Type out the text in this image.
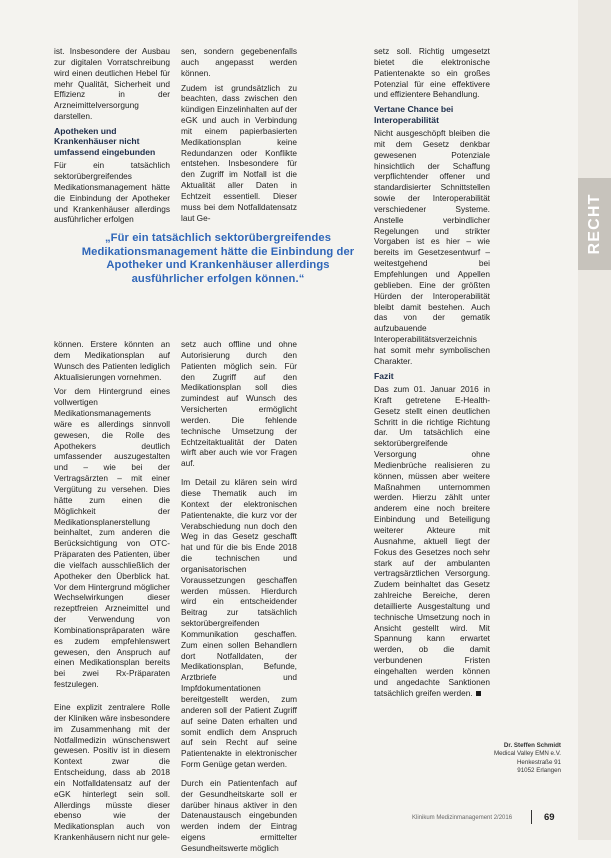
RECHT

ist. Insbesondere der Ausbau zur digitalen Vorratschreibung wird einen deutlichen Hebel für mehr Qualität, Sicherheit und Effizienz in der Arzneimittelversorgung darstellen.

Apotheken und Krankenhäuser nicht umfassend eingebunden

Für ein tatsächlich sektorübergreifendes Medikationsmanagement hätte die Einbindung der Apotheker und Krankenhäuser allerdings ausführlicher erfolgen

sen, sondern gegebenenfalls auch angepasst werden können.

Zudem ist grundsätzlich zu beachten, dass zwischen den kündigen Einzelinhalten auf der eGK und auch in Verbindung mit einem papierbasierten Medikationsplan keine Redundanzen oder Konflikte entstehen. Insbesondere für den Zugriff im Notfall ist die Aktualität aller Daten in Echtzeit essentiell. Dieser muss bei dem Notfalldatensatz laut Ge-

setz soll. Richtig umgesetzt bietet die elektronische Patientenakte so ein großes Potenzial für eine effektivere und effizientere Behandlung.

Vertane Chance bei Interoperabilität

Nicht ausgeschöpft bleiben die mit dem Gesetz denkbar gewesenen Potenziale hinsichtlich der Schaffung verpflichtender offener und standardisierter Schnittstellen sowie der Interoperabilität verschiedener Systeme. Anstelle verbindlicher Regelungen und strikter Vorgaben ist es hier – wie bereits im Gesetzesentwurf – weitestgehend bei Empfehlungen und Appellen geblieben. Eine der größten Hürden der Interoperabilität bleibt damit bestehen. Auch das von der gematik aufzubauende Interoperabilitätsverzeichnis hat somit mehr symbolischen Charakter.

Fazit

Das zum 01. Januar 2016 in Kraft getretene E-Health-Gesetz stellt einen deutlichen Schritt in die richtige Richtung dar. Um tatsächlich eine sektorübergreifende Versorgung ohne Medienbrüche realisieren zu können, müssen aber weitere Maßnahmen unternommen werden. Hierzu zählt unter anderem eine noch breitere Einbindung und Beteiligung weiterer Akteure mit Ausnahme, aktuell liegt der Fokus des Gesetzes noch sehr stark auf der ambulanten vertragsärztlichen Versorgung. Zudem beinhaltet das Gesetz zahlreiche Bereiche, deren detaillierte Ausgestaltung und technische Umsetzung noch in Ansicht gestellt wird. Mit Spannung kann erwartet werden, ob die damit verbundenen Fristen eingehalten werden können und angedachte Sanktionen tatsächlich greifen werden.

„Für ein tatsächlich sektorübergreifendes Medikationsmanagement hätte die Einbindung der Apotheker und Krankenhäuser allerdings ausführlicher erfolgen können.“

können. Erstere könnten an dem Medikationsplan auf Wunsch des Patienten lediglich Aktualisierungen vornehmen.

Vor dem Hintergrund eines vollwertigen Medikationsmanagements wäre es allerdings sinnvoll gewesen, die Rolle des Apothekers deutlich umfassender auszugestalten und – wie bei der Vertragsärzten – mit einer Vergütung zu versehen. Dies hätte zum einen die Möglichkeit der Medikationsplanerstellung beinhaltet, zum anderen die Berücksichtigung von OTC-Präparaten des Patienten, über die vielfach ausschließlich der Apotheker den Überblick hat. Vor dem Hintergrund möglicher Wechselwirkungen dieser rezeptfreien Arzneimittel und der Verwendung von Kombinationspräparaten wäre es zudem empfehlenswert gewesen, den Anspruch auf einen Medikationsplan bereits bei zwei Rx-Präparaten festzulegen.

Eine explizit zentralere Rolle der Kliniken wäre insbesondere im Zusammenhang mit der Notfallmedizin wünschenswert gewesen. Positiv ist in diesem Kontext zwar die Entscheidung, dass ab 2018 ein Notfalldatensatz auf der eGK hinterlegt sein soll. Allerdings müsste dieser ebenso wie der Medikationsplan auch von Krankenhäusern nicht nur gele-

setz auch offline und ohne Autorisierung durch den Patienten möglich sein. Für den Zugriff auf den Medikationsplan soll dies zumindest auf Wunsch des Versicherten ermöglicht werden. Die fehlende technische Umsetzung der Echtzeitaktualität der Daten wirft aber auch wie vor Fragen auf.

Im Detail zu klären sein wird diese Thematik auch im Kontext der elektronischen Patientenakte, die kurz vor der Verabschiedung nun doch den Weg in das Gesetz geschafft hat und für die bis Ende 2018 die technischen und organisatorischen Voraussetzungen geschaffen werden müssen. Hierdurch wird ein entscheidender Beitrag zur tatsächlich sektorübergreifenden Kommunikation geschaffen. Zum einen sollen Behandlern dort Notfalldaten, der Medikationsplan, Befunde, Arztbriefe und Impfdokumentationen bereitgestellt werden, zum anderen soll der Patient Zugriff auf seine Daten erhalten und somit endlich dem Anspruch auf sein Recht auf seine Patientenakte in elektronischer Form Genüge getan werden.

Durch ein Patientenfach auf der Gesundheitskarte soll er darüber hinaus aktiver in den Datenaustausch eingebunden werden indem der Eintrag eigens ermittelter Gesundheitswerte möglich

Dr. Steffen Schmidt
Medical Valley EMN e.V.
Henkestraße 91
91052 Erlangen
Klinikum Medizinmanagement 2/2016	69
